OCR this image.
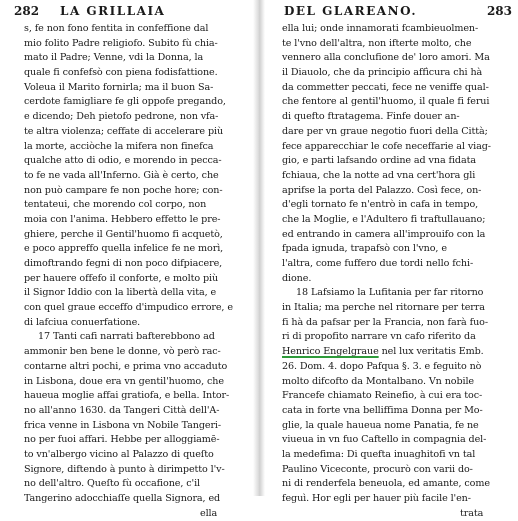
282 LA GRILLAIA
s, fe non fono fentita in confeffione dal
mio folito Padre religiofo. Subito fù chia-
mato il Padre; Venne, vdi la Donna, la
quale fi confefsò con piena fodisfattione.
Voleua il Marito fornirla; ma il buon Sa-
cerdote famigliare fe gli oppofe pregando,
e dicendo; Deh pietofo pedrone, non vfa-
te altra violenza; ceffate di accelerare più
la morte, acciòche la mifera non finefca
qualche atto di odio, e morendo in pecca-
to fe ne vada all'Inferno. Già è certo, che
non può campare fe non poche hore; con-
tentateui, che morendo col corpo, non
moia con l'anima. Hebbero effetto le pre-
ghiere, perche il Gentil'huomo fi acquetò,
e poco appreffo quella infelice fe ne morì,
dimoftrando fegni di non poco difpiacere,
per hauere offefo il conforte, e molto più
il Signor Iddio con la libertà della vita, e
con quel graue ecceffo d'impudico errore, e
di lafciua conuerfatione.
17 Tanti cafi narrati bafterebbono ad
ammonir ben bene le donne, vò però rac-
contarne altri pochi, e prima vno accaduto
in Lisbona, doue era vn gentil'huomo, che
haueua moglie affai gratiofa, e bella. Intor-
no all'anno 1630. da Tangeri Città dell'A-
frica venne in Lisbona vn Nobile Tangeri-
no per fuoi affari. Hebbe per alloggiamē-
to vn'albergo vicino al Palazzo di queſto
Signore, diftendo à punto à dirimpetto l'v-
no dell'altro. Queſto fù occafione, c'il
Tangerino adocchiaſſe quella Signora, ed
ella
DEL GLAREANO.	283
ella lui; onde innamorati fcambieuolmen-
te l'vno dell'altra, non ifterte molto, che
vennero alla conclufione de' loro amori. Ma
il Diauolo, che da principio affìcura chi hà
da commetter peccati, fece ne veniffe qual-
che fentore al gentil'huomo, il quale fi ferui
di quefto ftratagema. Finfe douer an-
dare per vn graue negotio fuori della Città;
fece apparecchiar le cofe neceffarie al viag-
gio, e parti lafsando ordine ad vna fidata
fchiaua, che la notte ad vna cert'hora gli
aprifse la porta del Palazzo. Così fece, on-
d'egli tornato fe n'entrò in cafa in tempo,
che la Moglie, e l'Adultero fi traftullauano;
ed entrando in camera all'improuifo con la
fpada ignuda, trapafsò con l'vno, e
l'altra, come fuffero due tordi nello fchi-
dione.
18 Lafsiamo la Lufitania per far ritorno
in Italia; ma perche nel ritornare per terra
fi hà da pafsar per la Francia, non farà fuo-
ri di propofito narrare vn cafo riferito da
Henrico Engelgraue nel lux veritatis Emb.
26. Dom. 4. dopo Pafqua §. 3. e feguito nò
molto difcofto da Montalbano. Vn nobile
Francefe chiamato Reinefio, à cui era toc-
cata in forte vna belliffima Donna per Mo-
glie, la quale haueua nome Panatia, fe ne
viueua in vn fuo Caftello in compagnia del-
la medefima: Di quefta inuaghitofi vn tal
Paulino Viceconte, procurò con varii do-
ni di renderfela beneuola, ed amante, come
feguì. Hor egli per hauer più facile l'en-
trata
